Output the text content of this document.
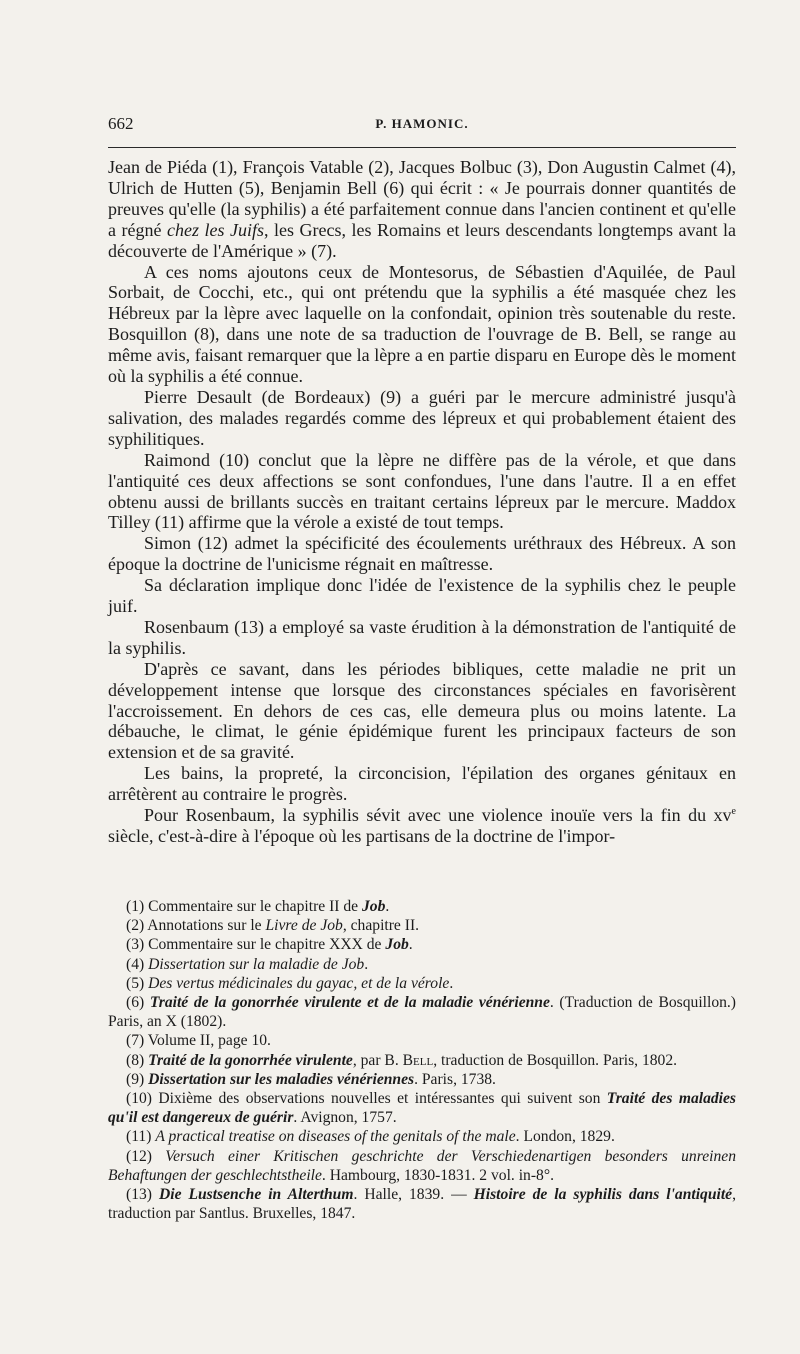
662	P. HAMONIC.

Jean de Piéda (1), François Vatable (2), Jacques Bolbuc (3), Don Augustin Calmet (4), Ulrich de Hutten (5), Benjamin Bell (6) qui écrit : « Je pourrais donner quantités de preuves qu'elle (la syphilis) a été parfaitement connue dans l'ancien continent et qu'elle a régné chez les Juifs, les Grecs, les Romains et leurs descendants longtemps avant la découverte de l'Amérique » (7).

A ces noms ajoutons ceux de Montesorus, de Sébastien d'Aquilée, de Paul Sorbait, de Cocchi, etc., qui ont prétendu que la syphilis a été masquée chez les Hébreux par la lèpre avec laquelle on la confondait, opinion très soutenable du reste. Bosquillon (8), dans une note de sa traduction de l'ouvrage de B. Bell, se range au même avis, faisant remarquer que la lèpre a en partie disparu en Europe dès le moment où la syphilis a été connue.

Pierre Desault (de Bordeaux) (9) a guéri par le mercure administré jusqu'à salivation, des malades regardés comme des lépreux et qui probablement étaient des syphilitiques.

Raimond (10) conclut que la lèpre ne diffère pas de la vérole, et que dans l'antiquité ces deux affections se sont confondues, l'une dans l'autre. Il a en effet obtenu aussi de brillants succès en traitant certains lépreux par le mercure. Maddox Tilley (11) affirme que la vérole a existé de tout temps.

Simon (12) admet la spécificité des écoulements uréthraux des Hébreux. A son époque la doctrine de l'unicisme régnait en maîtresse.

Sa déclaration implique donc l'idée de l'existence de la syphilis chez le peuple juif.

Rosenbaum (13) a employé sa vaste érudition à la démonstration de l'antiquité de la syphilis.

D'après ce savant, dans les périodes bibliques, cette maladie ne prit un développement intense que lorsque des circonstances spéciales en favorisèrent l'accroissement. En dehors de ces cas, elle demeura plus ou moins latente. La débauche, le climat, le génie épidémique furent les principaux facteurs de son extension et de sa gravité.

Les bains, la propreté, la circoncision, l'épilation des organes génitaux en arrêtèrent au contraire le progrès.

Pour Rosenbaum, la syphilis sévit avec une violence inouïe vers la fin du $xv^e$ siècle, c'est-à-dire à l'époque où les partisans de la doctrine de l'impor-

(1) Commentaire sur le chapitre II de Job.

(2) Annotations sur le Livre de Job, chapitre II.

(3) Commentaire sur le chapitre XXX de Job.

(4) Dissertation sur la maladie de Job.

(5) Des vertus médicinales du gayac, et de la vérole.

(6) Traité de la gonorrhée virulente et de la maladie vénérienne. (Traduction de Bosquillon.) Paris, an X (1802).

(7) Volume II, page 10.

(8) Traité de la gonorrhée virulente, par B. Bell, traduction de Bosquillon. Paris, 1802.

(9) Dissertation sur les maladies vénériennes. Paris, 1738.

(10) Dixième des observations nouvelles et intéressantes qui suivent son Traité des maladies qu'il est dangereux de guérir. Avignon, 1757.

(11) A practical treatise on diseases of the genitals of the male. London, 1829.

(12) Versuch einer Kritischen geschrichte der Verschiedenartigen besonders unreinen Behaftungen der geschlechtstheile. Hambourg, 1830-1831. 2 vol. in-8°.

(13) Die Lustsenche in Alterthum. Halle, 1839. — Histoire de la syphilis dans l'antiquité, traduction par Santlus. Bruxelles, 1847.
